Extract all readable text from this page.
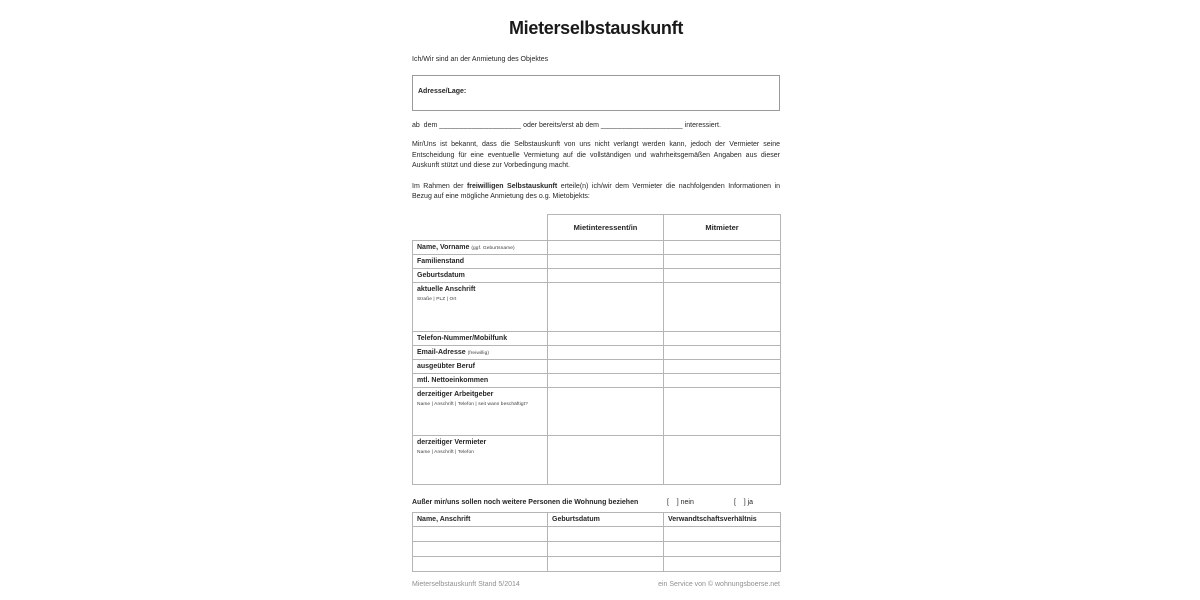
Mieterselbstauskunft
Ich/Wir sind an der Anmietung des Objektes
Adresse/Lage:
ab  dem ____________________ oder bereits/erst ab dem ____________________ interessiert.
Mir/Uns ist bekannt, dass die Selbstauskunft von uns nicht verlangt werden kann, jedoch der Vermieter seine Entscheidung für eine eventuelle Vermietung auf die vollständigen und wahrheitsgemäßen Angaben aus dieser Auskunft stützt und diese zur Vorbedingung macht.
Im Rahmen der freiwilligen Selbstauskunft erteile(n) ich/wir dem Vermieter die nachfolgenden Informationen in Bezug auf eine mögliche Anmietung des o.g. Mietobjekts:
	Mietinteressent/in	Mitmieter
Name, Vorname (ggf. Geburtsname)		
Familienstand		
Geburtsdatum		
aktuelle Anschrift
Straße | PLZ | Ort		

Telefon-Nummer/Mobilfunk		
Email-Adresse (freiwillig)		
ausgeübter Beruf		
mtl. Nettoeinkommen		
derzeitiger Arbeitgeber
Name | Anschrift | Telefon | seit wann beschäftigt?		

derzeitiger Vermieter
Name | Anschrift | Telefon		

Außer mir/uns sollen noch weitere Personen die Wohnung beziehen	[    ] nein	[    ] ja
Name, Anschrift	Geburtsdatum	Verwandtschaftsverhältnis

Mieterselbstauskunft Stand 5/2014	ein Service von © wohnungsboerse.net
